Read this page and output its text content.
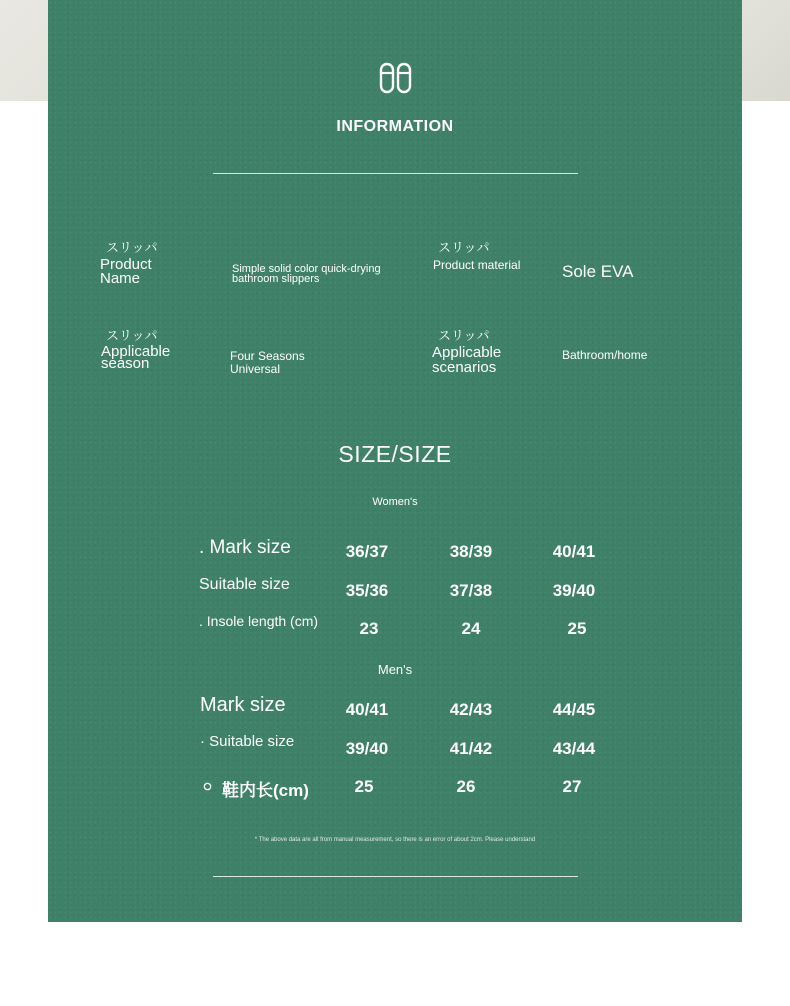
INFORMATION
スリッパ
Product Name
Simple solid color quick-drying bathroom slippers
スリッパ
Product material Sole EVA
スリッパ
Applicable season	Four Seasons Universal
スリッパ
Applicable scenarios
Bathroom/home
SIZE/SIZE
Women's
. Mark size	36/37	38/39	40/41
Suitable size	35/36	37/38	39/40
. Insole length (cm)	23	24	25
Men's
Mark size	40/41	42/43	44/45
· Suitable size	39/40	41/42	43/44
鞋内长(cm)	25	26	27
* The above data are all from manual measurement, so there is an error of about 2cm. Please understand
